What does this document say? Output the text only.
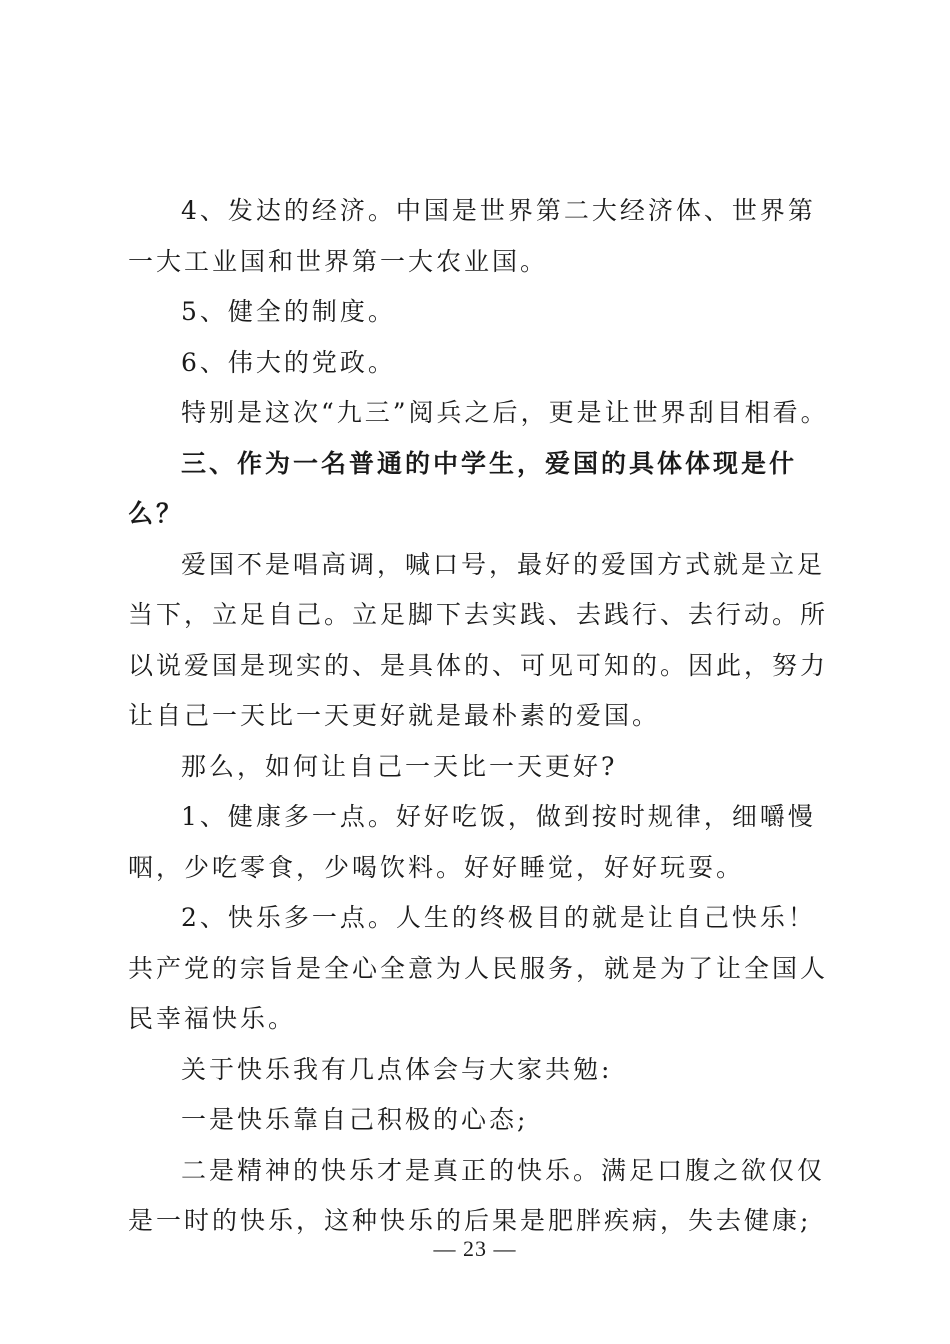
4、发达的经济。中国是世界第二大经济体、世界第一大工业国和世界第一大农业国。

5、健全的制度。

6、伟大的党政。

特别是这次“九三”阅兵之后，更是让世界刮目相看。

三、作为一名普通的中学生，爱国的具体体现是什么？

爱国不是唱高调，喊口号，最好的爱国方式就是立足当下，立足自己。立足脚下去实践、去践行、去行动。所以说爱国是现实的、是具体的、可见可知的。因此，努力让自己一天比一天更好就是最朴素的爱国。

那么，如何让自己一天比一天更好?

1、健康多一点。好好吃饭，做到按时规律，细嚼慢咽，少吃零食，少喝饮料。好好睡觉，好好玩耍。

2、快乐多一点。人生的终极目的就是让自己快乐！共产党的宗旨是全心全意为人民服务，就是为了让全国人民幸福快乐。

关于快乐我有几点体会与大家共勉:

一是快乐靠自己积极的心态;

二是精神的快乐才是真正的快乐。满足口腹之欲仅仅是一时的快乐，这种快乐的后果是肥胖疾病，失去健康;

— 23 —
